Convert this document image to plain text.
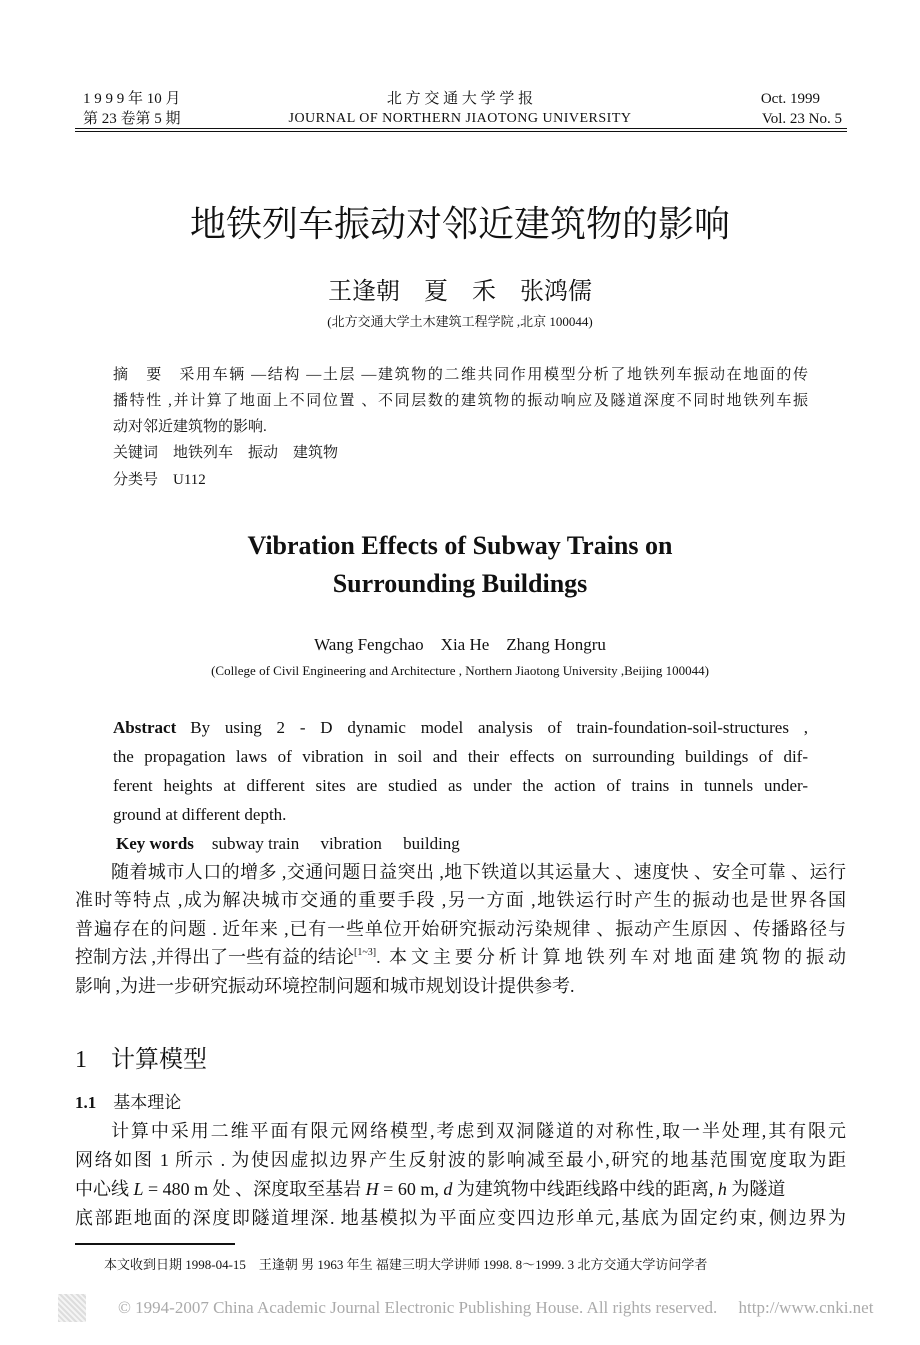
1 9 9 9 年 10 月
第 23 卷第 5 期
北 方 交 通 大 学 学 报
JOURNAL OF NORTHERN JIAOTONG UNIVERSITY
Oct. 1999
Vol. 23 No. 5
地铁列车振动对邻近建筑物的影响
王逢朝　夏　禾　张鸿儒
(北方交通大学土木建筑工程学院 ,北京 100044)
摘　要　采用车辆 —结构 —土层 —建筑物的二维共同作用模型分析了地铁列车振动在地面的传
播特性 ,并计算了地面上不同位置 、不同层数的建筑物的振动响应及隧道深度不同时地铁列车振
动对邻近建筑物的影响.
关键词　地铁列车　振动　建筑物
分类号　U112
Vibration Effects of Subway Trains on
Surrounding Buildings
Wang Fengchao　Xia He　Zhang Hongru
(College of Civil Engineering and Architecture , Northern Jiaotong University ,Beijing 100044)
Abstract By using 2 - D dynamic model analysis of train-foundation-soil-structures ,
the propagation laws of vibration in soil and their effects on surrounding buildings of dif-
ferent heights at different sites are studied as under the action of trains in tunnels under-
ground at different depth.
Key words subway train　 vibration　 building
随着城市人口的增多 ,交通问题日益突出 ,地下铁道以其运量大 、速度快 、安全可靠 、运行
准时等特点 ,成为解决城市交通的重要手段 ,另一方面 ,地铁运行时产生的振动也是世界各国
普遍存在的问题 . 近年来 ,已有一些单位开始研究振动污染规律 、振动产生原因 、传播路径与
控制方法 ,并得出了一些有益的结论 [1~3] . 本文主要分析计算地铁列车对地面建筑物的振动
影响 ,为进一步研究振动环境控制问题和城市规划设计提供参考.
1　 计算模型
1.1　 基本理论
计算中采用二维平面有限元网络模型,考虑到双洞隧道的对称性,取一半处理,其有限元
网络如图 1 所示 . 为使因虚拟边界产生反射波的影响减至最小,研究的地基范围宽度取为距
中心线 L = 480 m 处 、深度取至基岩 H = 60 m, d 为建筑物中线距线路中线的距离, h 为隧道
底部距地面的深度即隧道埋深. 地基模拟为平面应变四边形单元,基底为固定约束, 侧边界为
本文收到日期 1998-04-15　王逢朝 男 1963 年生 福建三明大学讲师 1998. 8～1999. 3 北方交通大学访问学者
© 1994-2007 China Academic Journal Electronic Publishing House. All rights reserved.　 http://www.cnki.net
